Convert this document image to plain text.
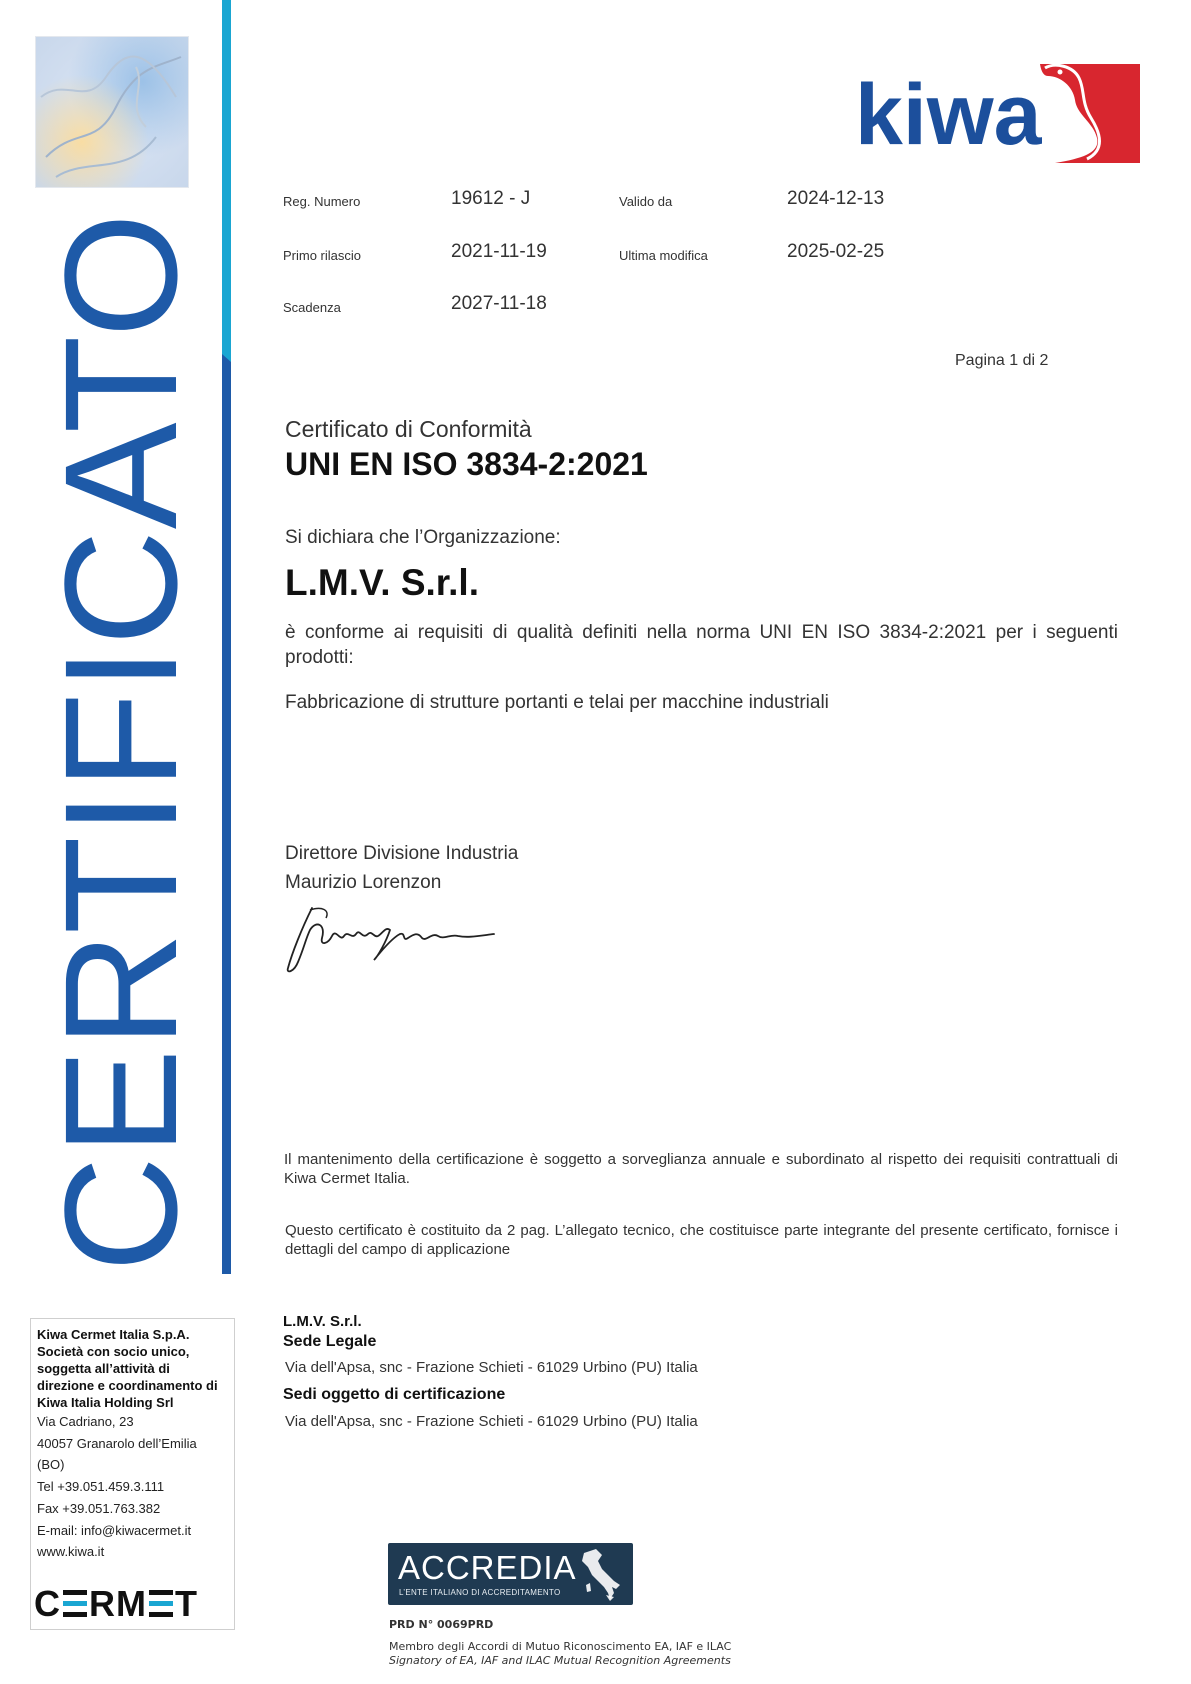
CERTIFICATO
kiwa
Reg. Numero	19612 - J	Valido da	2024-12-13
Primo rilascio	2021-11-19	Ultima modifica	2025-02-25
Scadenza	2027-11-18
Pagina 1 di 2
Certificato di Conformità
UNI EN ISO 3834-2:2021
Si dichiara che l’Organizzazione:
L.M.V. S.r.l.
è conforme ai requisiti di qualità definiti nella norma UNI EN ISO 3834-2:2021 per i seguenti prodotti:
Fabbricazione di strutture portanti e telai per macchine industriali
Direttore Divisione Industria
Maurizio Lorenzon
Il mantenimento della certificazione è soggetto a sorveglianza annuale e subordinato al rispetto dei requisiti contrattuali di Kiwa Cermet Italia.
Questo certificato è costituito da 2 pag. L’allegato tecnico, che costituisce parte integrante del presente certificato, fornisce i dettagli del campo di applicazione
L.M.V. S.r.l.
Sede Legale
Via dell'Apsa, snc - Frazione Schieti - 61029 Urbino (PU) Italia
Sedi oggetto di certificazione
Via dell'Apsa, snc - Frazione Schieti - 61029 Urbino (PU) Italia
Kiwa Cermet Italia S.p.A.
Società con socio unico,
soggetta all’attività di
direzione e coordinamento di
Kiwa Italia Holding Srl
Via Cadriano, 23
40057 Granarolo dell’Emilia
(BO)
Tel +39.051.459.3.111
Fax +39.051.763.382
E-mail: info@kiwacermet.it
www.kiwa.it
C RM T
ACCREDIA
L’ENTE ITALIANO DI ACCREDITAMENTO
PRD N° 0069PRD
Membro degli Accordi di Mutuo Riconoscimento EA, IAF e ILAC
Signatory of EA, IAF and ILAC Mutual Recognition Agreements
